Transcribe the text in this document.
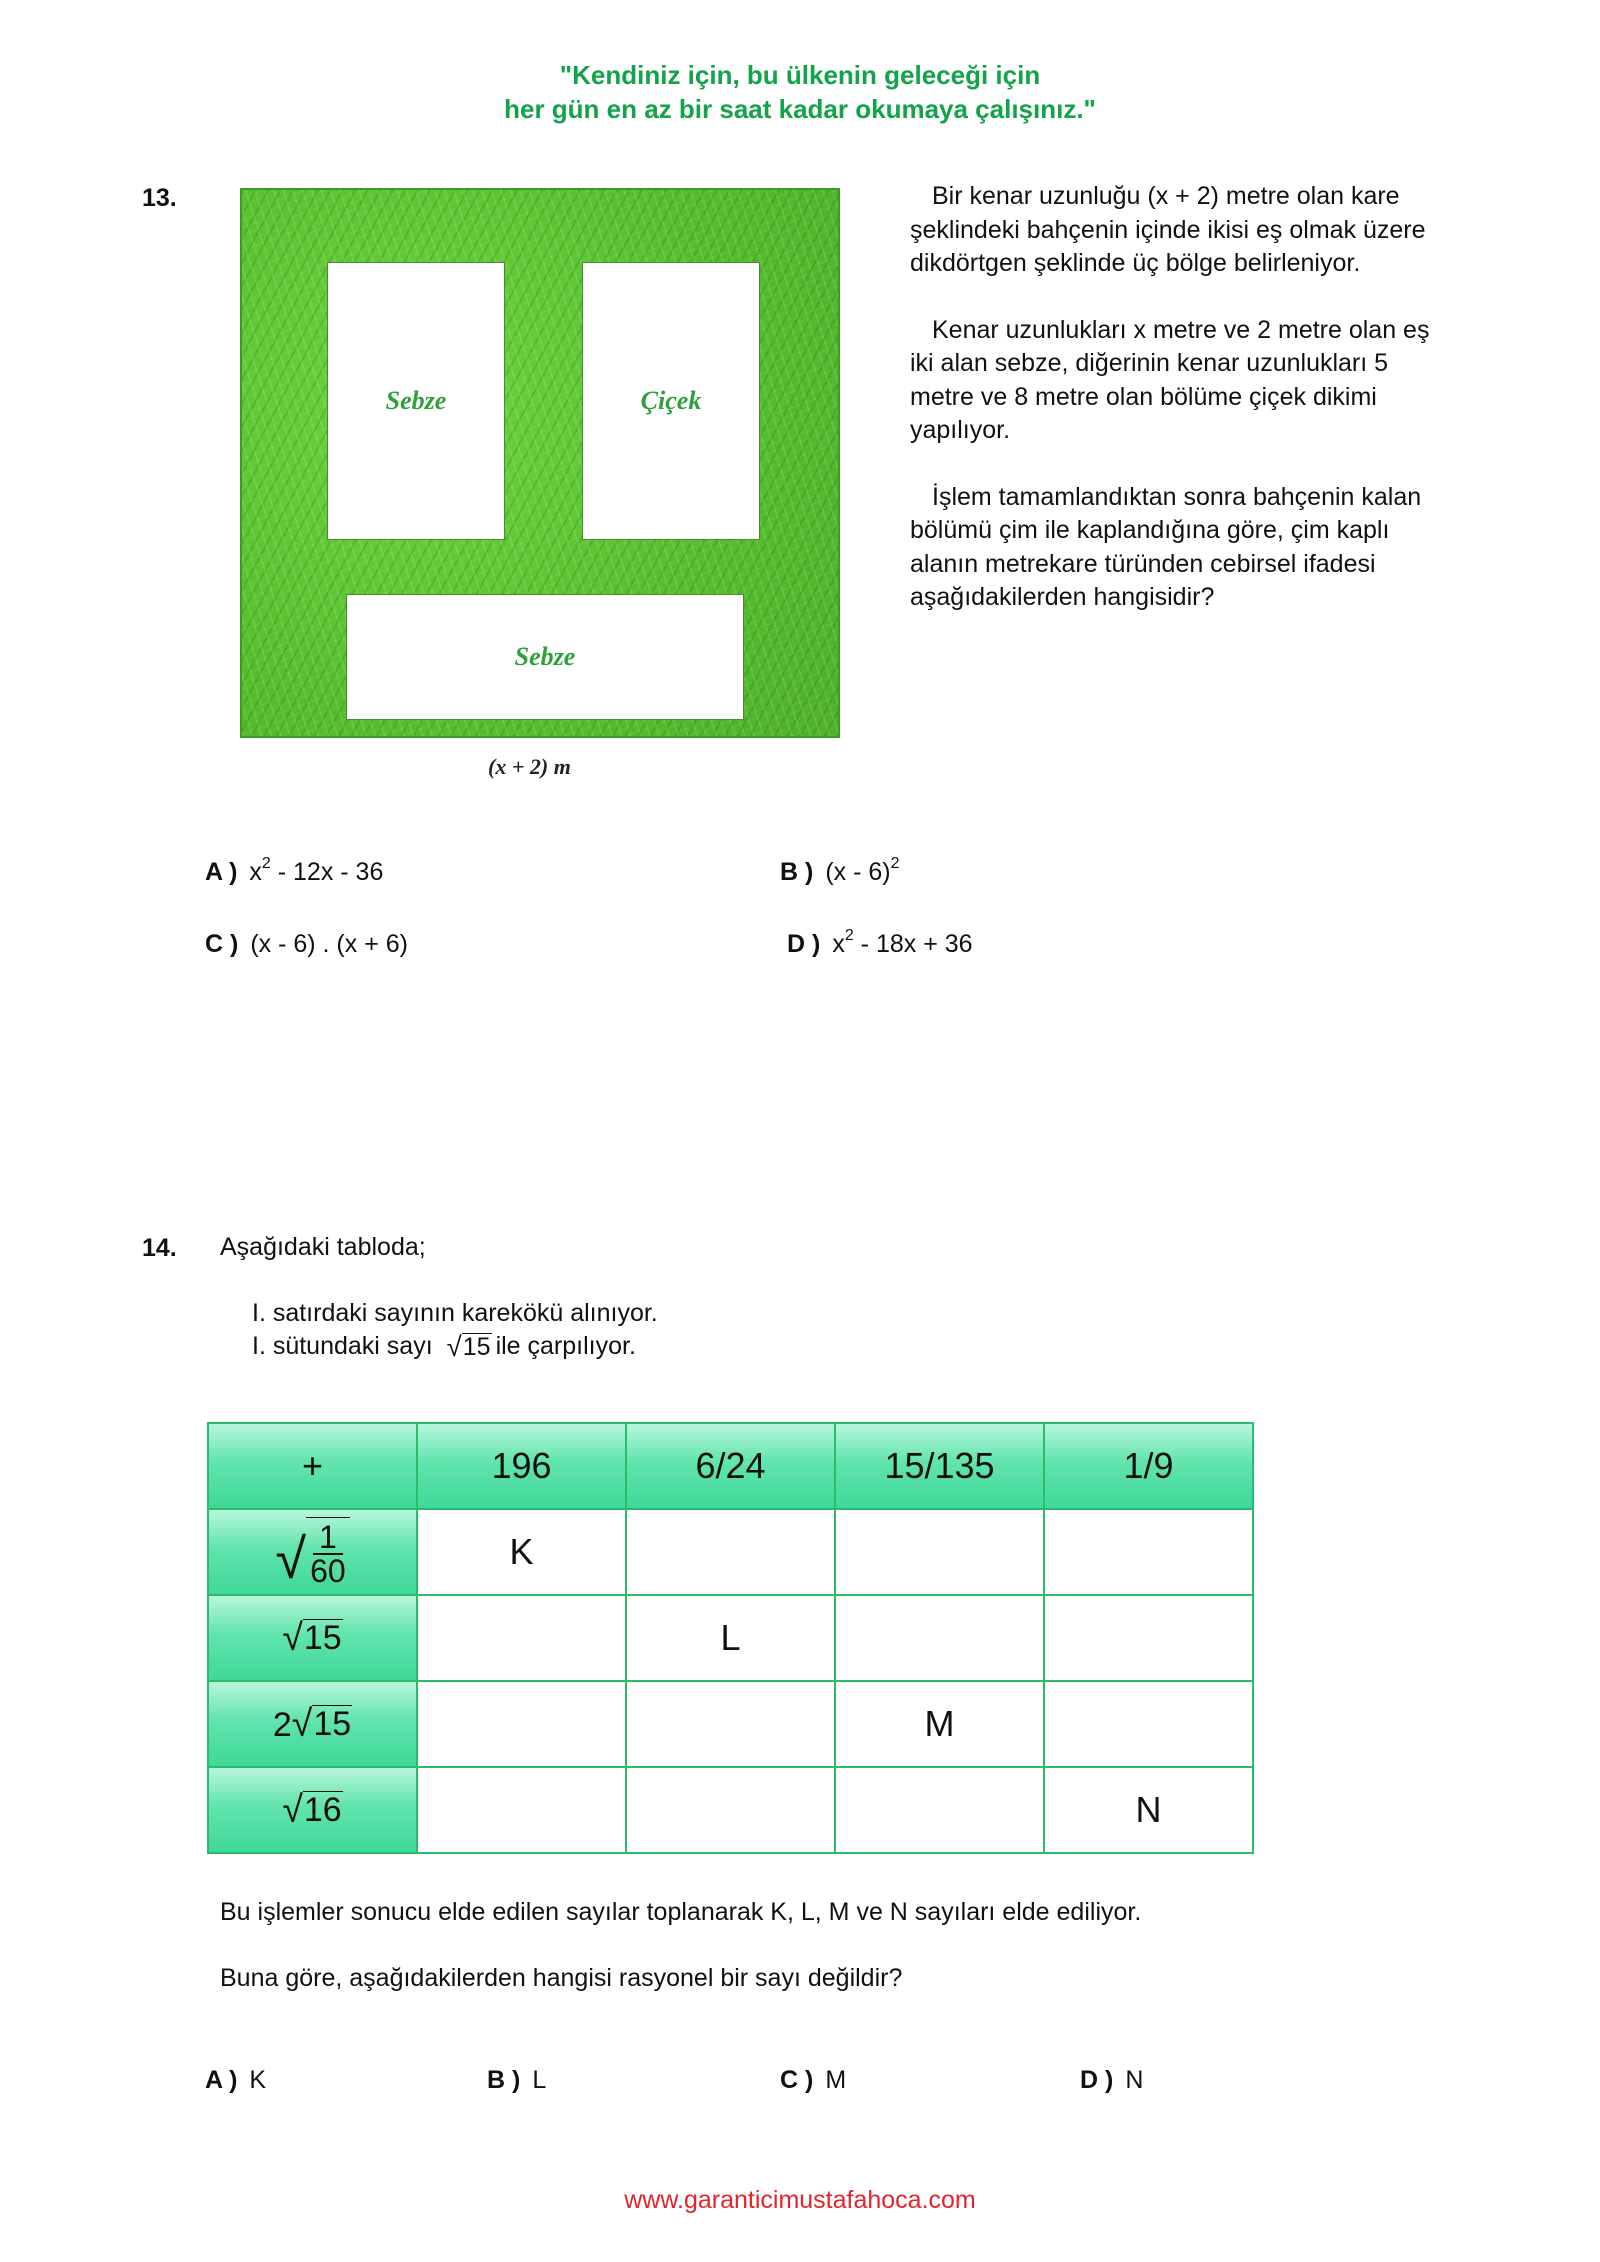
"Kendiniz için, bu ülkenin geleceği için
her gün en az bir saat kadar okumaya çalışınız."
13.
Sebze	Çiçek
Sebze
(x + 2) m

Bir kenar uzunluğu (x + 2) metre olan kare şeklindeki bahçenin içinde ikisi eş olmak üzere dikdörtgen şeklinde üç bölge belirleniyor.

Kenar uzunlukları x metre ve 2 metre olan eş iki alan sebze, diğerinin kenar uzunlukları 5 metre ve 8 metre olan bölüme çiçek dikimi yapılıyor.

İşlem tamamlandıktan sonra bahçenin kalan bölümü çim ile kaplandığına göre, çim kaplı alanın metrekare türünden cebirsel ifadesi aşağıdakilerden hangisidir?

A ) $x^2 - 12x - 36$	B ) (x - 6)$^2$
C ) (x - 6) . (x + 6)	D ) $x^2 - 18x + 36$
14. Aşağıdaki tabloda;
I. satırdaki sayının karekökü alınıyor.
I. sütundaki sayı √ 15 ile çarpılıyor.
+	196	6/24	15/135	1/9

√ $\frac{1}{60}$	K			

√ 15		L		
2 √ 15			M	

√ 16				N
Bu işlemler sonucu elde edilen sayılar toplanarak K, L, M ve N sayıları elde ediliyor.
Buna göre, aşağıdakilerden hangisi rasyonel bir sayı değildir?
A ) K	B ) L	C ) M	D ) N
www.garanticimustafahoca.com
